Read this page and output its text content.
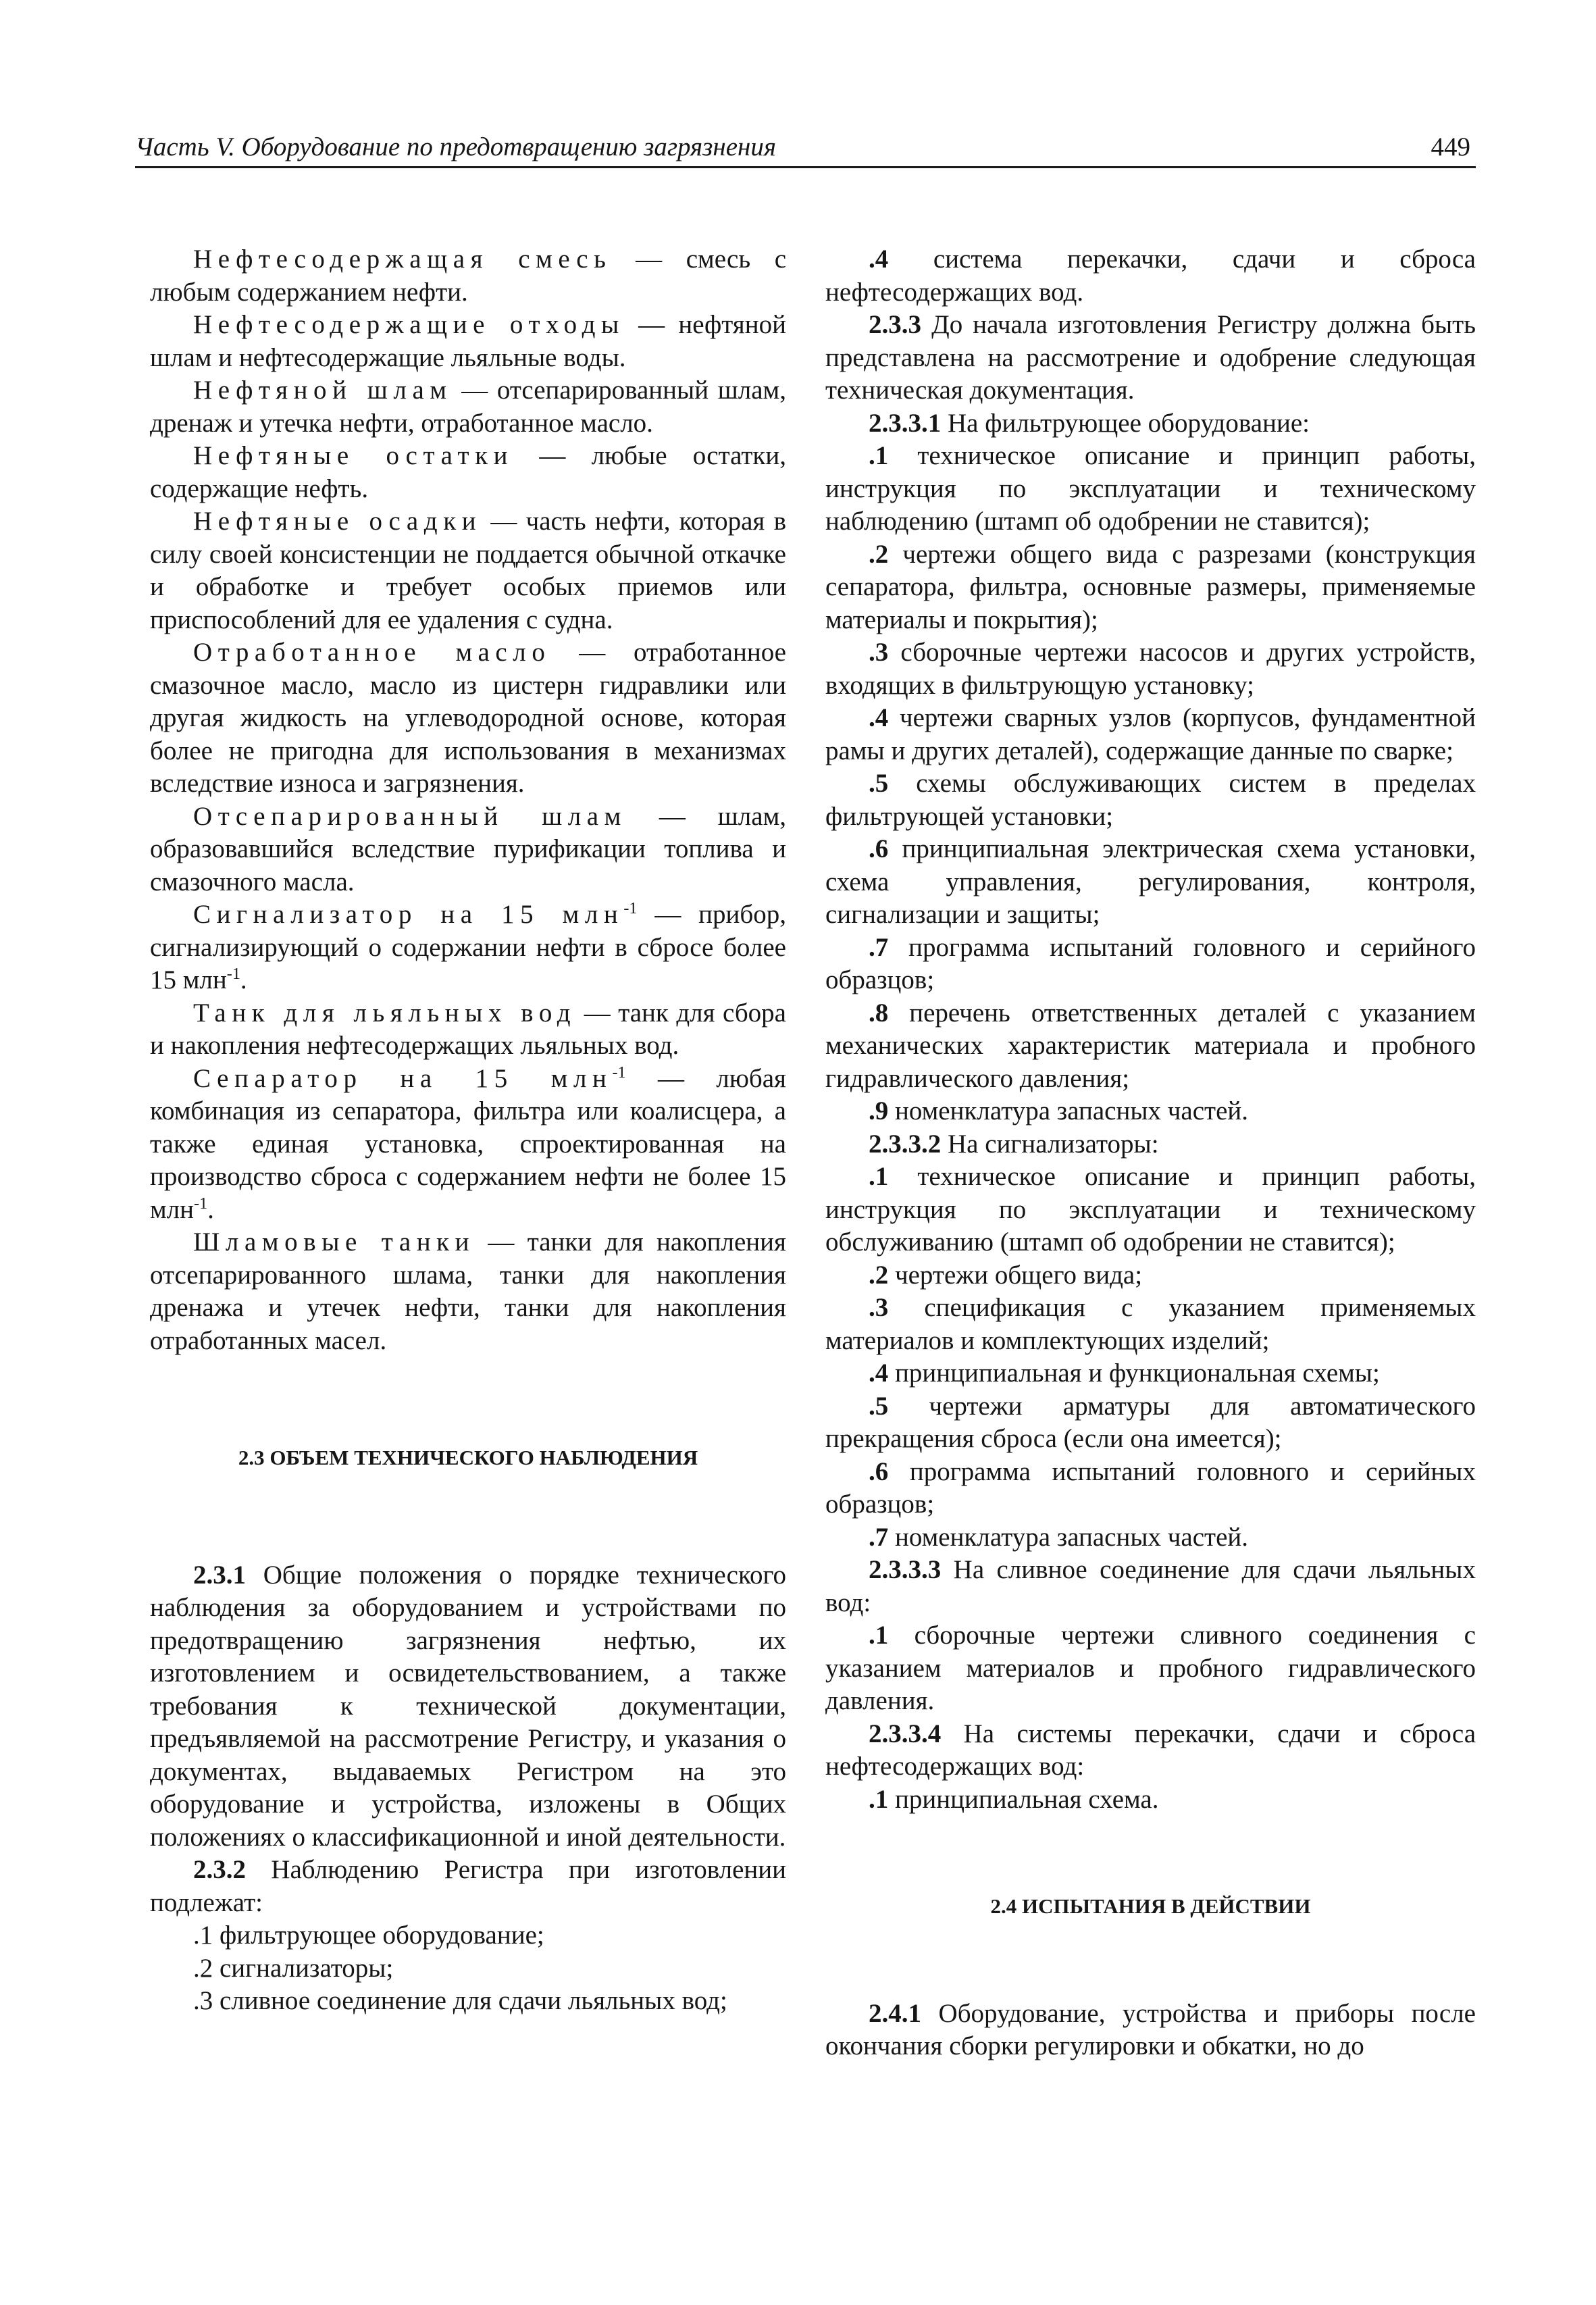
Часть V. Оборудование по предотвращению загрязнения	449

Нефтесодержащая смесь — смесь с любым содержанием нефти.

Нефтесодержащие отходы — нефтяной шлам и нефтесодержащие льяльные воды.

Нефтяной шлам — отсепарированный шлам, дренаж и утечка нефти, отработанное масло.

Нефтяные остатки — любые остатки, содержащие нефть.

Нефтяные осадки — часть нефти, которая в силу своей консистенции не поддается обычной откачке и обработке и требует особых приемов или приспособлений для ее удаления с судна.

Отработанное масло — отработанное смазочное масло, масло из цистерн гидравлики или другая жидкость на углеводородной основе, которая более не пригодна для использования в механизмах вследствие износа и загрязнения.

Отсепарированный шлам — шлам, образовавшийся вследствие пурификации топлива и смазочного масла.

Сигнализатор на 15 млн$^{-1}$ — прибор, сигнализирующий о содержании нефти в сбросе более 15 млн$^{-1}$.

Танк для льяльных вод — танк для сбора и накопления нефтесодержащих льяльных вод.

Сепаратор на 15 млн$^{-1}$ — любая комбинация из сепаратора, фильтра или коалисцера, а также единая установка, спроектированная на производство сброса с содержанием нефти не более 15 млн$^{-1}$.

Шламовые танки — танки для накопления отсепарированного шлама, танки для накопления дренажа и утечек нефти, танки для накопления отработанных масел.

2.3 ОБЪЕМ ТЕХНИЧЕСКОГО НАБЛЮДЕНИЯ

2.3.1 Общие положения о порядке технического наблюдения за оборудованием и устройствами по предотвращению загрязнения нефтью, их изготовлением и освидетельствованием, а также требования к технической документации, предъявляемой на рассмотрение Регистру, и указания о документах, выдаваемых Регистром на это оборудование и устройства, изложены в Общих положениях о классификационной и иной деятельности.

2.3.2 Наблюдению Регистра при изготовлении подлежат:

.1 фильтрующее оборудование;

.2 сигнализаторы;

.3 сливное соединение для сдачи льяльных вод;

.4 система перекачки, сдачи и сброса нефтесодержащих вод.

2.3.3 До начала изготовления Регистру должна быть представлена на рассмотрение и одобрение следующая техническая документация.

2.3.3.1 На фильтрующее оборудование:

.1 техническое описание и принцип работы, инструкция по эксплуатации и техническому наблюдению (штамп об одобрении не ставится);

.2 чертежи общего вида с разрезами (конструкция сепаратора, фильтра, основные размеры, применяемые материалы и покрытия);

.3 сборочные чертежи насосов и других устройств, входящих в фильтрующую установку;

.4 чертежи сварных узлов (корпусов, фундаментной рамы и других деталей), содержащие данные по сварке;

.5 схемы обслуживающих систем в пределах фильтрующей установки;

.6 принципиальная электрическая схема установки, схема управления, регулирования, контроля, сигнализации и защиты;

.7 программа испытаний головного и серийного образцов;

.8 перечень ответственных деталей с указанием механических характеристик материала и пробного гидравлического давления;

.9 номенклатура запасных частей.

2.3.3.2 На сигнализаторы:

.1 техническое описание и принцип работы, инструкция по эксплуатации и техническому обслуживанию (штамп об одобрении не ставится);

.2 чертежи общего вида;

.3 спецификация с указанием применяемых материалов и комплектующих изделий;

.4 принципиальная и функциональная схемы;

.5 чертежи арматуры для автоматического прекращения сброса (если она имеется);

.6 программа испытаний головного и серийных образцов;

.7 номенклатура запасных частей.

2.3.3.3 На сливное соединение для сдачи льяльных вод:

.1 сборочные чертежи сливного соединения с указанием материалов и пробного гидравлического давления.

2.3.3.4 На системы перекачки, сдачи и сброса нефтесодержащих вод:

.1 принципиальная схема.

2.4 ИСПЫТАНИЯ В ДЕЙСТВИИ

2.4.1 Оборудование, устройства и приборы после окончания сборки регулировки и обкатки, но до
